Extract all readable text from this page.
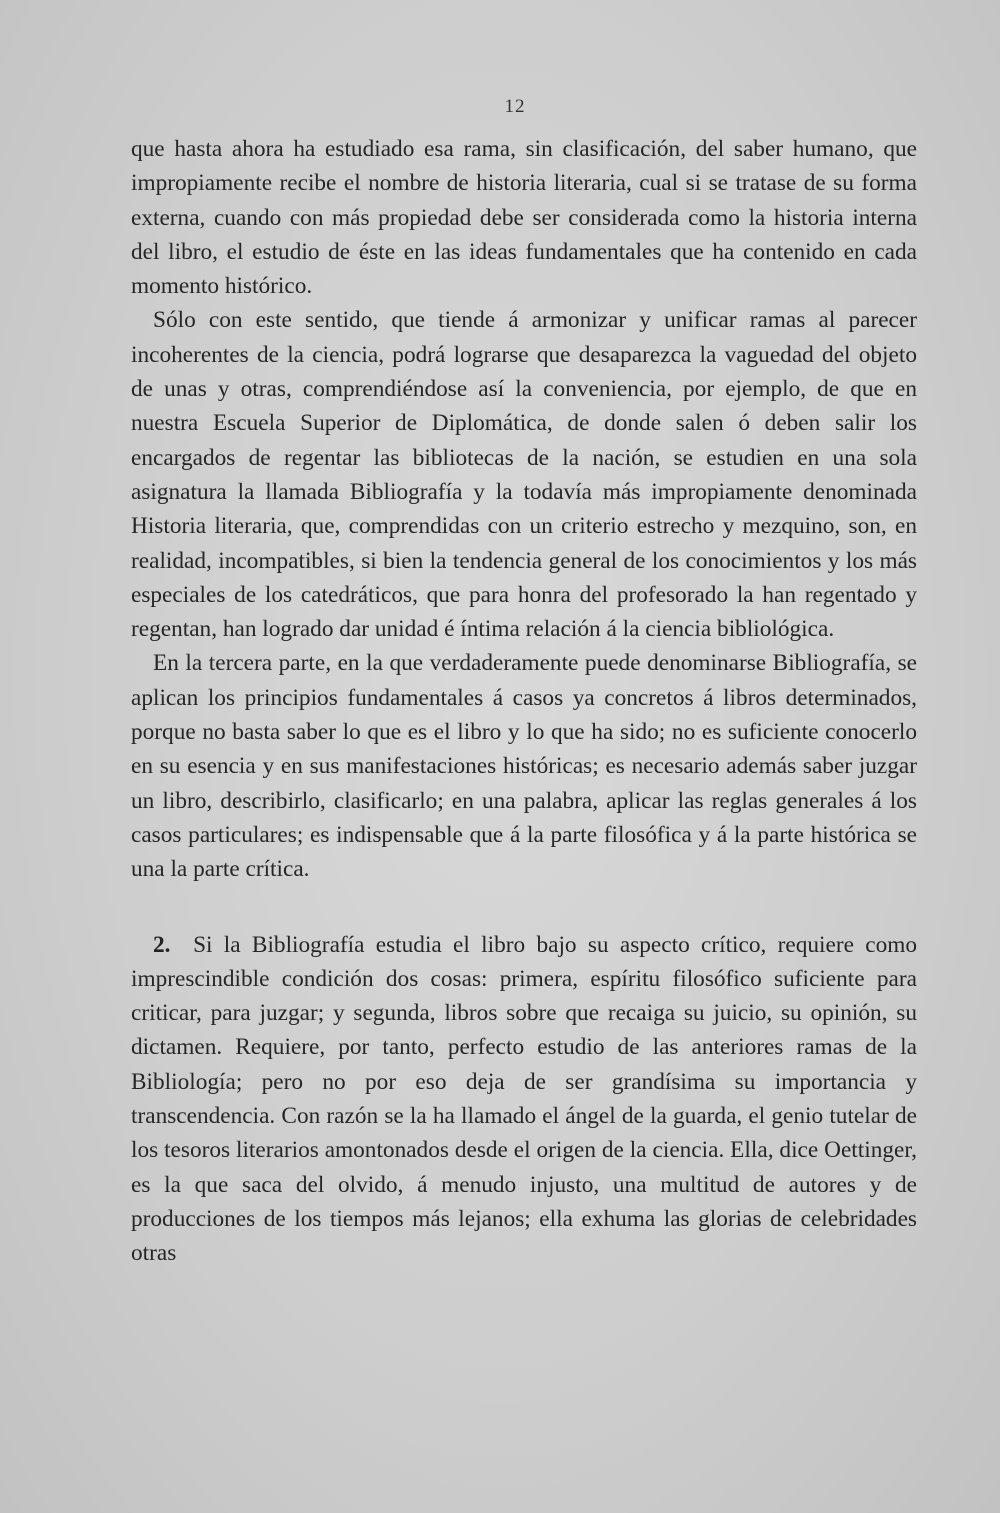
12

que hasta ahora ha estudiado esa rama, sin clasificación, del saber humano, que impropiamente recibe el nombre de historia literaria, cual si se tratase de su forma externa, cuando con más propiedad debe ser considerada como la historia interna del libro, el estudio de éste en las ideas fundamentales que ha contenido en cada momento histórico.

Sólo con este sentido, que tiende á armonizar y unificar ramas al parecer incoherentes de la ciencia, podrá lograrse que desaparezca la vaguedad del objeto de unas y otras, comprendiéndose así la conveniencia, por ejemplo, de que en nuestra Escuela Superior de Diplomática, de donde salen ó deben salir los encargados de regentar las bibliotecas de la nación, se estudien en una sola asignatura la llamada Bibliografía y la todavía más impropiamente denominada Historia literaria, que, comprendidas con un criterio estrecho y mezquino, son, en realidad, incompatibles, si bien la tendencia general de los conocimientos y los más especiales de los catedráticos, que para honra del profesorado la han regentado y regentan, han logrado dar unidad é íntima relación á la ciencia bibliológica.

En la tercera parte, en la que verdaderamente puede denominarse Bibliografía, se aplican los principios fundamentales á casos ya concretos á libros determinados, porque no basta saber lo que es el libro y lo que ha sido; no es suficiente conocerlo en su esencia y en sus manifestaciones históricas; es necesario además saber juzgar un libro, describirlo, clasificarlo; en una palabra, aplicar las reglas generales á los casos particulares; es indispensable que á la parte filosófica y á la parte histórica se una la parte crítica.

2. Si la Bibliografía estudia el libro bajo su aspecto crítico, requiere como imprescindible condición dos cosas: primera, espíritu filosófico suficiente para criticar, para juzgar; y segunda, libros sobre que recaiga su juicio, su opinión, su dictamen. Requiere, por tanto, perfecto estudio de las anteriores ramas de la Bibliología; pero no por eso deja de ser grandísima su importancia y transcendencia. Con razón se la ha llamado el ángel de la guarda, el genio tutelar de los tesoros literarios amontonados desde el origen de la ciencia. Ella, dice Oettinger, es la que saca del olvido, á menudo injusto, una multitud de autores y de producciones de los tiempos más lejanos; ella exhuma las glorias de celebridades otras
